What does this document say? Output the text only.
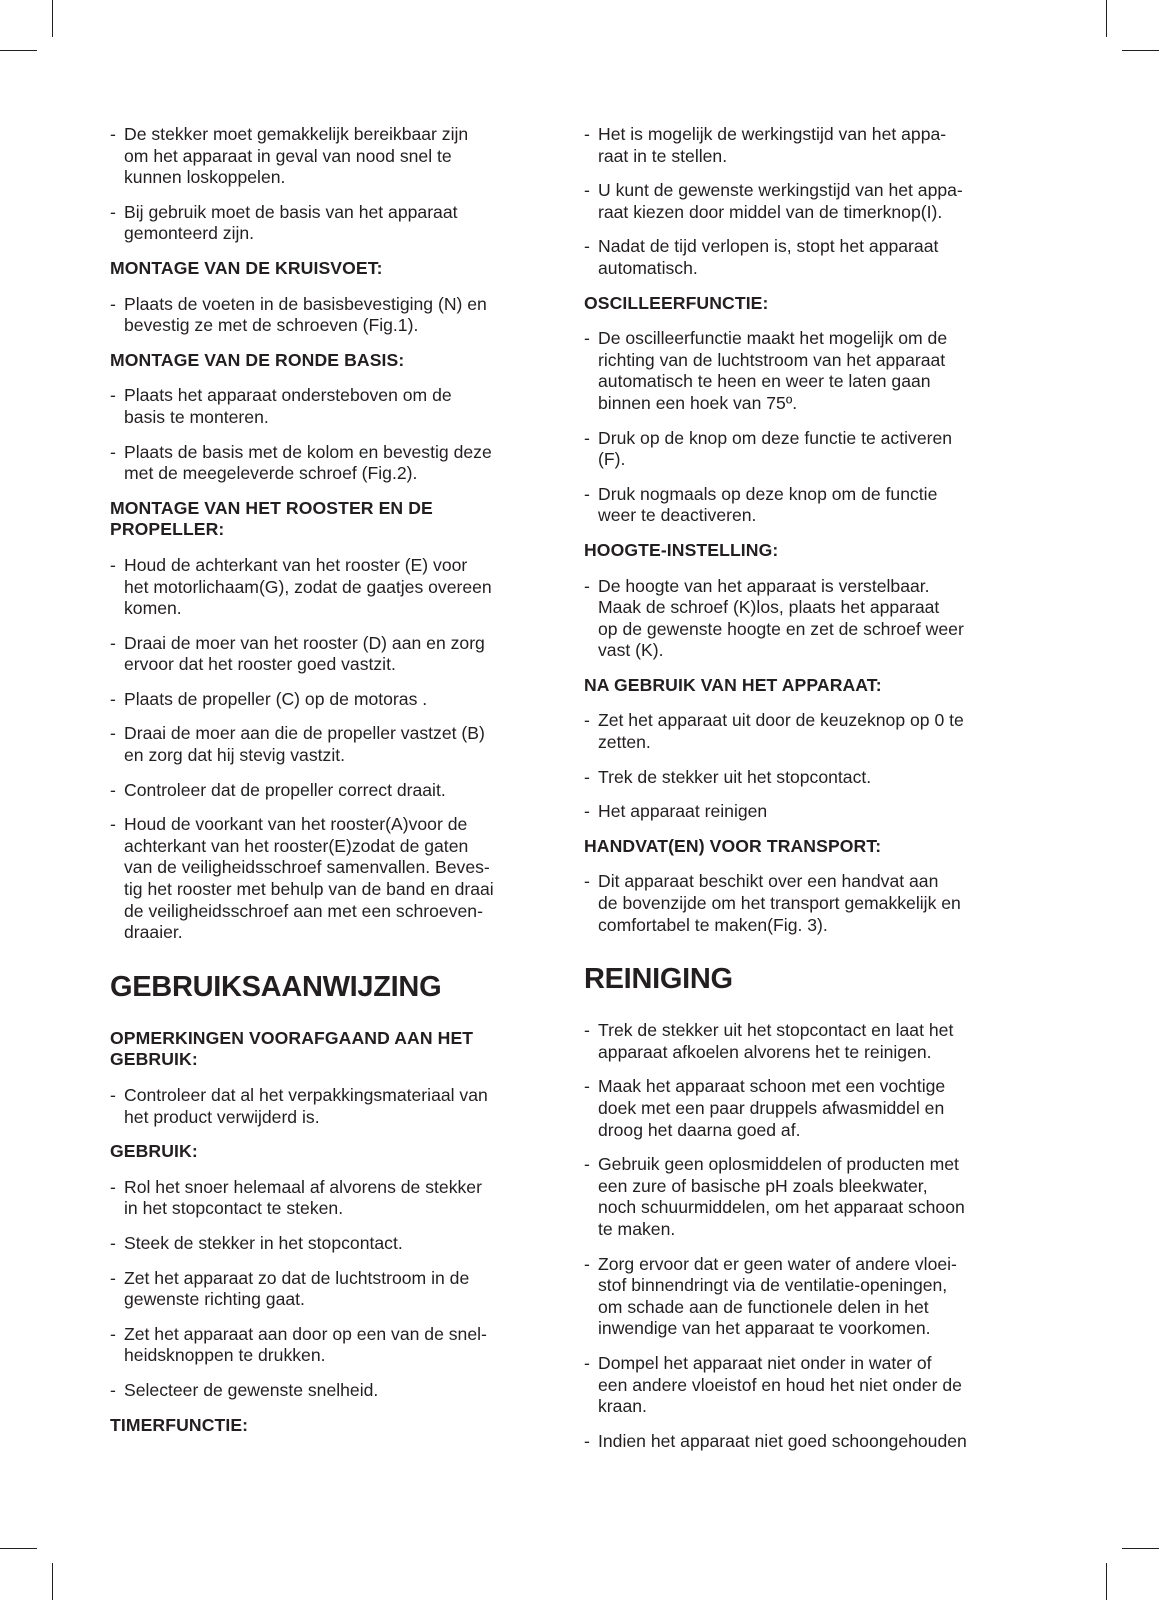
- De stekker moet gemakkelijk bereikbaar zijn
om het apparaat in geval van nood snel te
kunnen loskoppelen.
- Bij gebruik moet de basis van het apparaat
gemonteerd zijn.
MONTAGE VAN DE KRUISVOET:
- Plaats de voeten in de basisbevestiging (N) en
bevestig ze met de schroeven (Fig.1).
MONTAGE VAN DE RONDE BASIS:
- Plaats het apparaat ondersteboven om de
basis te monteren.
- Plaats de basis met de kolom en bevestig deze
met de meegeleverde schroef (Fig.2).
MONTAGE VAN HET ROOSTER EN DE
PROPELLER:
- Houd de achterkant van het rooster (E) voor
het motorlichaam(G), zodat de gaatjes overeen
komen.
- Draai de moer van het rooster (D) aan en zorg
ervoor dat het rooster goed vastzit.
- Plaats de propeller (C) op de motoras .
- Draai de moer aan die de propeller vastzet (B)
en zorg dat hij stevig vastzit.
- Controleer dat de propeller correct draait.
- Houd de voorkant van het rooster(A)voor de
achterkant van het rooster(E)zodat de gaten
van de veiligheidsschroef samenvallen. Beves-
tig het rooster met behulp van de band en draai
de veiligheidsschroef aan met een schroeven-
draaier.
GEBRUIKSAANWIJZING
OPMERKINGEN VOORAFGAAND AAN HET
GEBRUIK:
- Controleer dat al het verpakkingsmateriaal van
het product verwijderd is.
GEBRUIK:
- Rol het snoer helemaal af alvorens de stekker
in het stopcontact te steken.
- Steek de stekker in het stopcontact.
- Zet het apparaat zo dat de luchtstroom in de
gewenste richting gaat.
- Zet het apparaat aan door op een van de snel-
heidsknoppen te drukken.
- Selecteer de gewenste snelheid.
TIMERFUNCTIE:
- Het is mogelijk de werkingstijd van het appa-
raat in te stellen.
- U kunt de gewenste werkingstijd van het appa-
raat kiezen door middel van de timerknop(I).
- Nadat de tijd verlopen is, stopt het apparaat
automatisch.
OSCILLEERFUNCTIE:
- De oscilleerfunctie maakt het mogelijk om de
richting van de luchtstroom van het apparaat
automatisch te heen en weer te laten gaan
binnen een hoek van 75º.
- Druk op de knop om deze functie te activeren
(F).
- Druk nogmaals op deze knop om de functie
weer te deactiveren.
HOOGTE-INSTELLING:
- De hoogte van het apparaat is verstelbaar.
Maak de schroef (K)los, plaats het apparaat
op de gewenste hoogte en zet de schroef weer
vast (K).
NA GEBRUIK VAN HET APPARAAT:
- Zet het apparaat uit door de keuzeknop op 0 te
zetten.
- Trek de stekker uit het stopcontact.
- Het apparaat reinigen
HANDVAT(EN) VOOR TRANSPORT:
- Dit apparaat beschikt over een handvat aan
de bovenzijde om het transport gemakkelijk en
comfortabel te maken(Fig. 3).
REINIGING
- Trek de stekker uit het stopcontact en laat het
apparaat afkoelen alvorens het te reinigen.
- Maak het apparaat schoon met een vochtige
doek met een paar druppels afwasmiddel en
droog het daarna goed af.
- Gebruik geen oplosmiddelen of producten met
een zure of basische pH zoals bleekwater,
noch schuurmiddelen, om het apparaat schoon
te maken.
- Zorg ervoor dat er geen water of andere vloei-
stof binnendringt via de ventilatie-openingen,
om schade aan de functionele delen in het
inwendige van het apparaat te voorkomen.
- Dompel het apparaat niet onder in water of
een andere vloeistof en houd het niet onder de
kraan.
- Indien het apparaat niet goed schoongehouden
